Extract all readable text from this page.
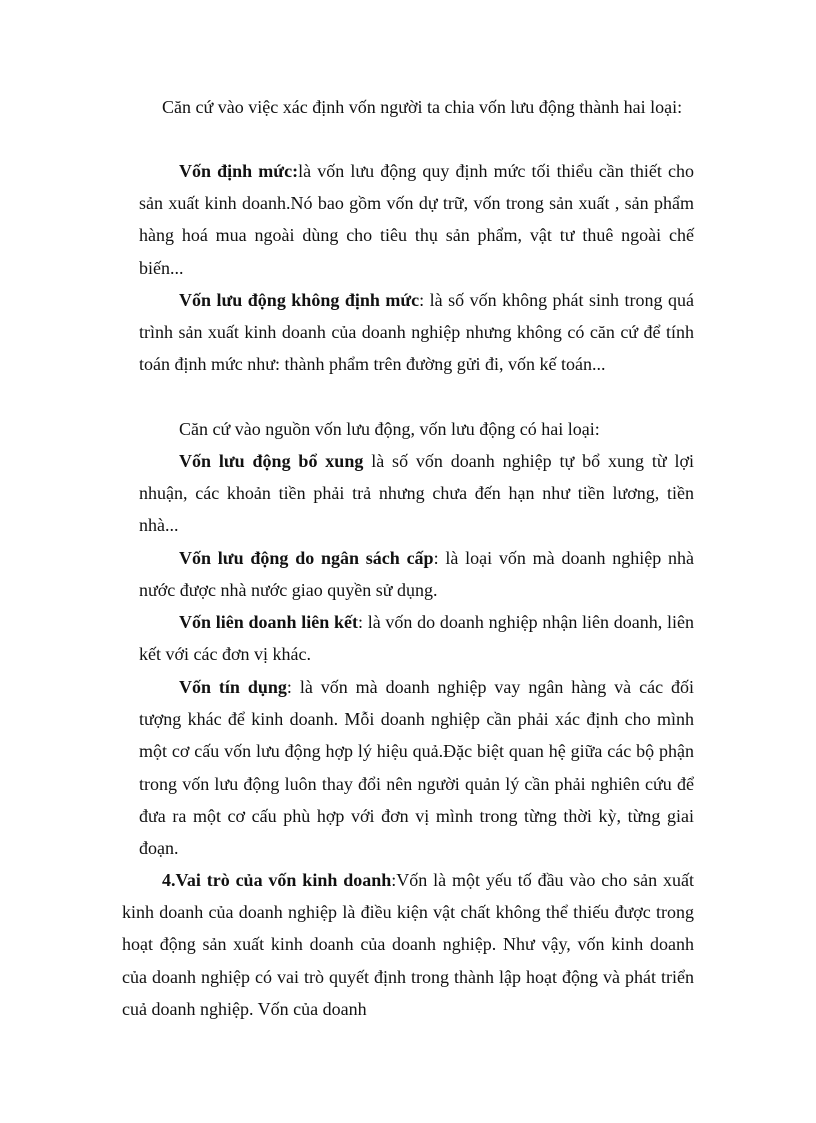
Căn cứ vào việc xác định vốn người ta chia vốn lưu động thành hai loại:

Vốn định mức:là vốn lưu động quy định mức tối thiểu cần thiết cho sản xuất kinh doanh.Nó bao gồm vốn dự trữ, vốn trong sản xuất , sản phẩm hàng hoá mua ngoài dùng cho tiêu thụ sản phẩm, vật tư thuê ngoài chế biến...

Vốn lưu động không định mức: là số vốn không phát sinh trong quá trình sản xuất kinh doanh của doanh nghiệp nhưng không có căn cứ để tính toán định mức như: thành phẩm trên đường gửi đi, vốn kế toán...

Căn cứ vào nguồn vốn lưu động, vốn lưu động có hai loại:

Vốn lưu động bổ xung là số vốn doanh nghiệp tự bổ xung từ lợi nhuận, các khoản tiền phải trả nhưng chưa đến hạn như tiền lương, tiền nhà...

Vốn lưu động do ngân sách cấp: là loại vốn mà doanh nghiệp nhà nước được nhà nước giao quyền sử dụng.

Vốn liên doanh liên kết: là vốn do doanh nghiệp nhận liên doanh, liên kết với các đơn vị khác.

Vốn tín dụng: là vốn mà doanh nghiệp vay ngân hàng và các đối tượng khác để kinh doanh. Mỗi doanh nghiệp cần phải xác định cho mình một cơ cấu vốn lưu động hợp lý hiệu quả.Đặc biệt quan hệ giữa các bộ phận trong vốn lưu động luôn thay đổi nên người quản lý cần phải nghiên cứu để đưa ra một cơ cấu phù hợp với đơn vị mình trong từng thời kỳ, từng giai đoạn.

4.Vai trò của vốn kinh doanh:Vốn là một yếu tố đầu vào cho sản xuất kinh doanh của doanh nghiệp là điều kiện vật chất không thể thiếu được trong hoạt động sản xuất kinh doanh của doanh nghiệp. Như vậy, vốn kinh doanh của doanh nghiệp có vai trò quyết định trong thành lập hoạt động và phát triển cuả doanh nghiệp. Vốn của doanh
